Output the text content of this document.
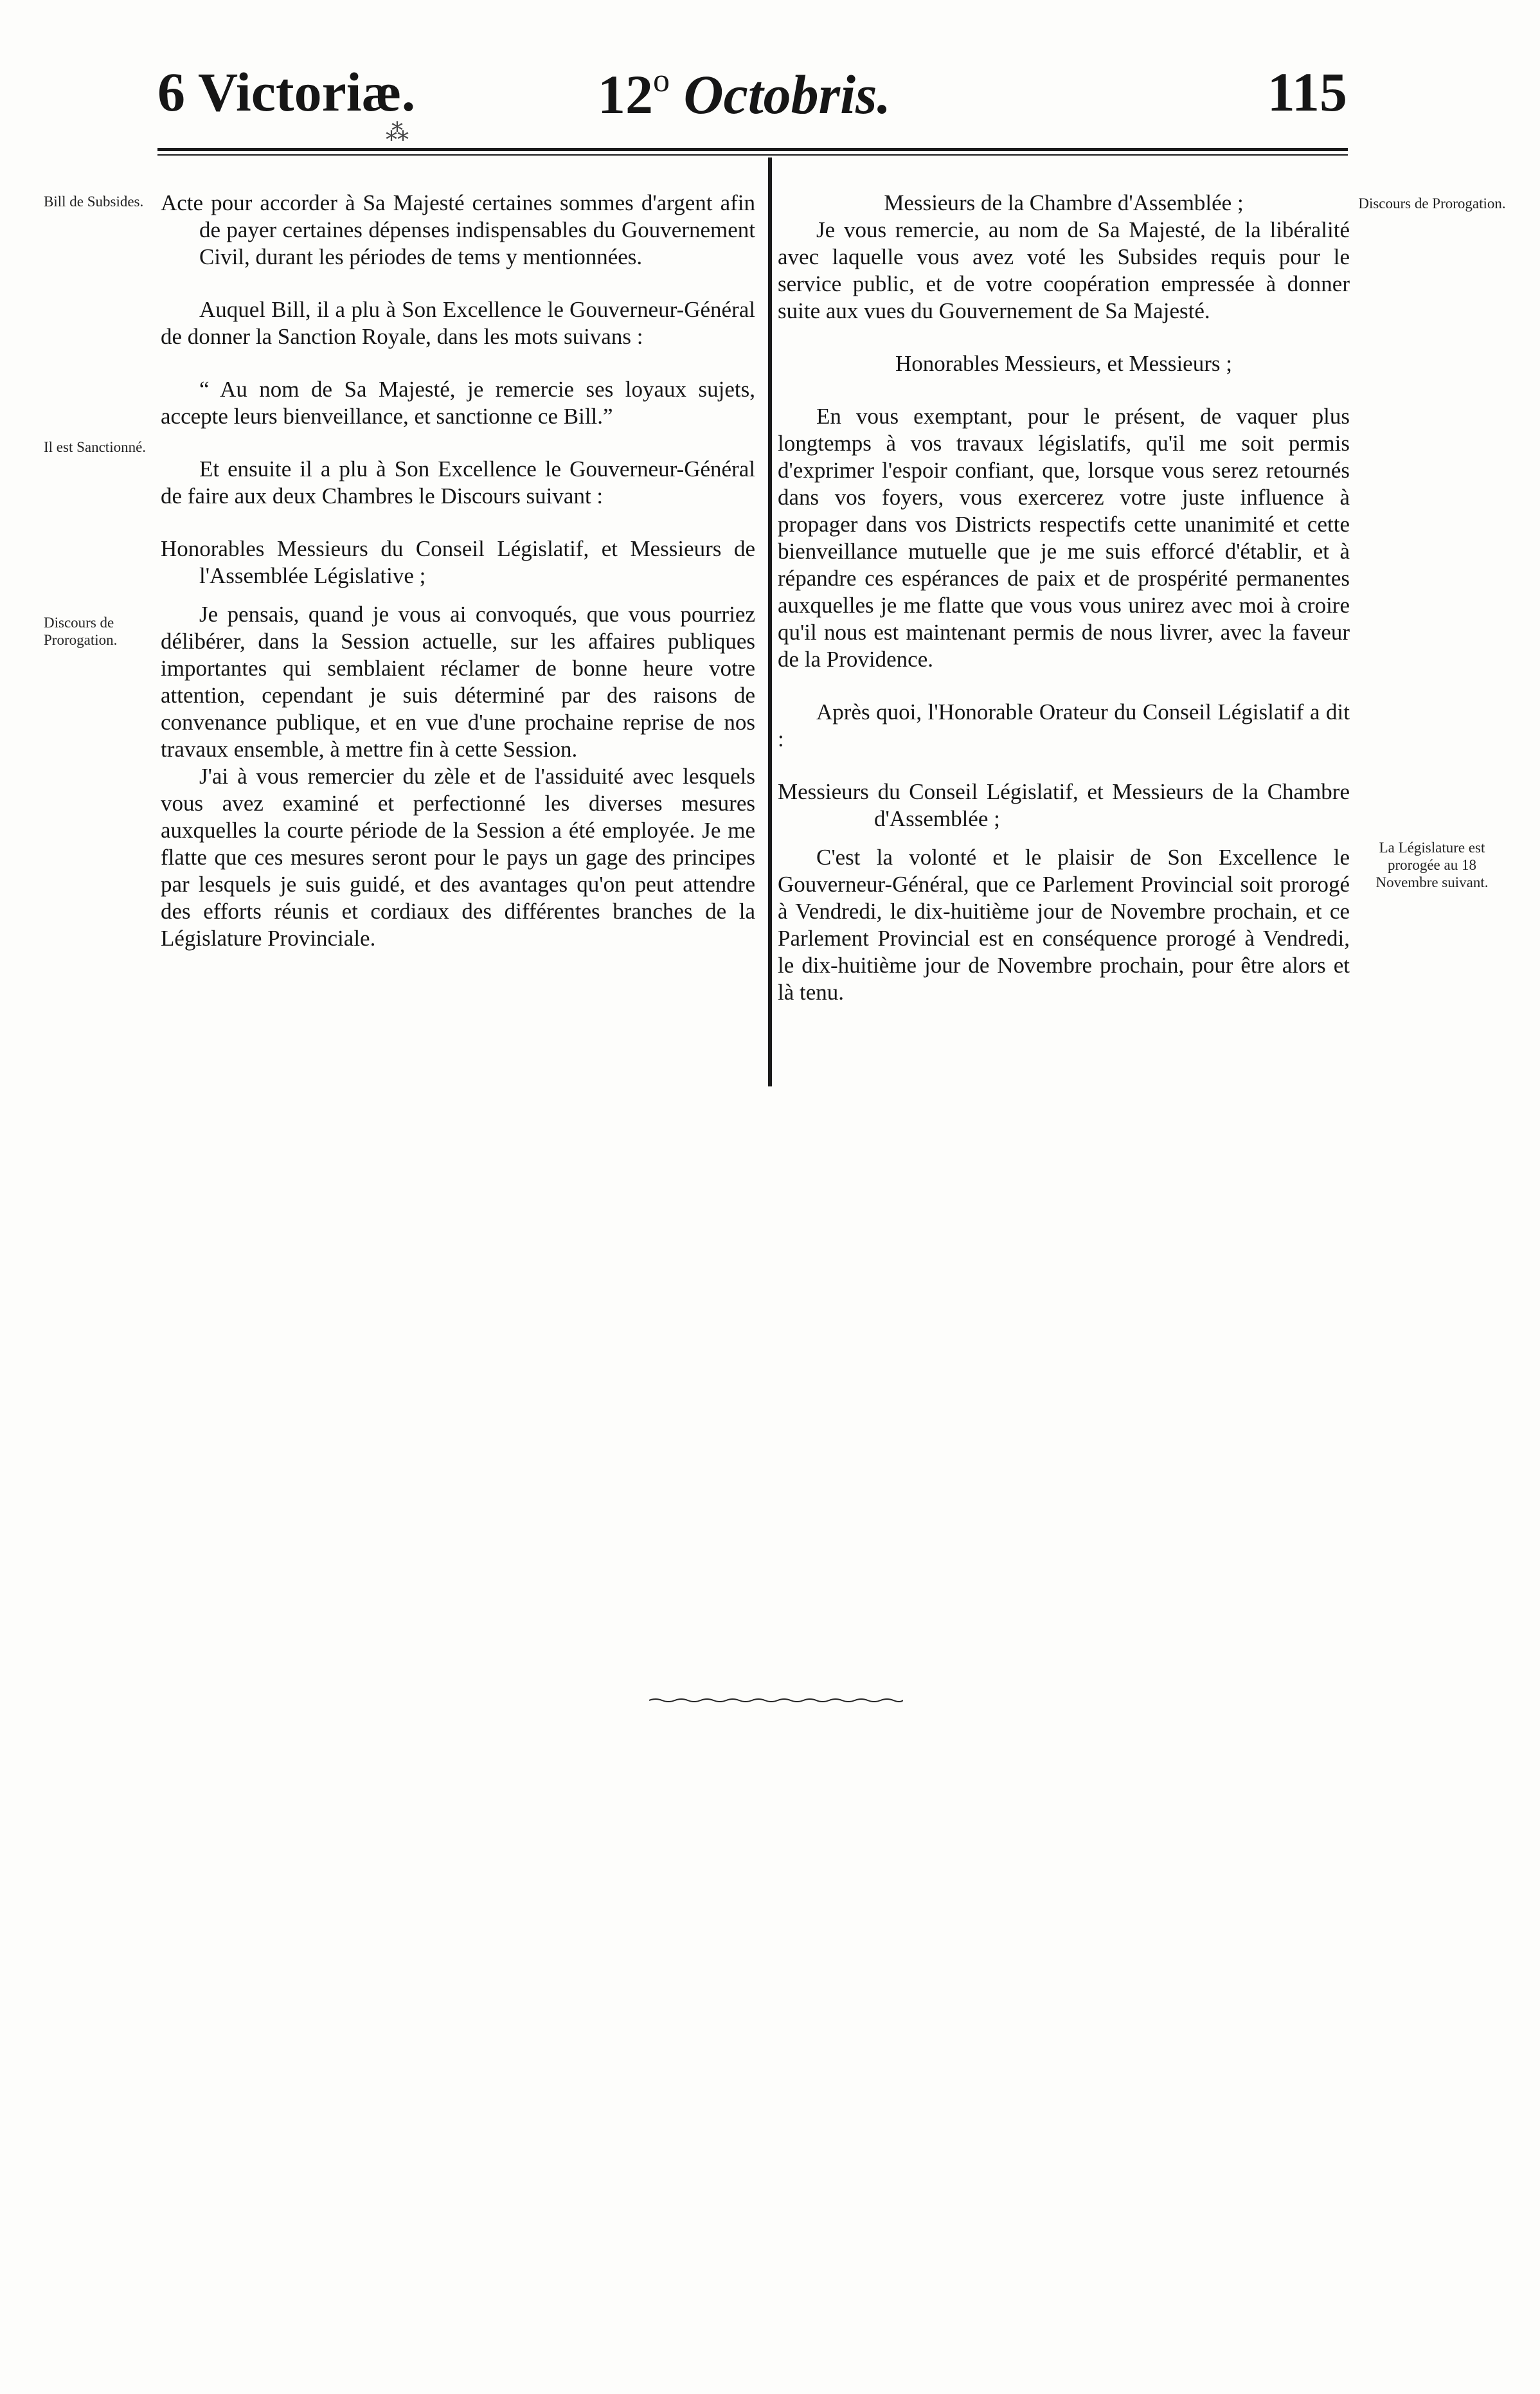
6 Victoriæ.	12$^o$ Octobris.	115
⁂
Bill de Subsides.
Il est Sanctionné.
Discours de Prorogation.
Discours de Prorogation.
La Législature est prorogée au 18 Novembre suivant.

Acte pour accorder à Sa Majesté certaines sommes d'argent afin de payer certaines dépenses indispensables du Gouvernement Civil, durant les périodes de tems y mentionnées.

Auquel Bill, il a plu à Son Excellence le Gouverneur-Général de donner la Sanction Royale, dans les mots suivans :

“ Au nom de Sa Majesté, je remercie ses loyaux sujets, accepte leurs bienveillance, et sanctionne ce Bill.”

Et ensuite il a plu à Son Excellence le Gouverneur-Général de faire aux deux Chambres le Discours suivant :

Honorables Messieurs du Conseil Législatif, et Messieurs de l'Assemblée Législative ;

Je pensais, quand je vous ai convoqués, que vous pourriez délibérer, dans la Session actuelle, sur les affaires publiques importantes qui semblaient réclamer de bonne heure votre attention, cependant je suis déterminé par des raisons de convenance publique, et en vue d'une prochaine reprise de nos travaux ensemble, à mettre fin à cette Session.

J'ai à vous remercier du zèle et de l'assiduité avec lesquels vous avez examiné et perfectionné les diverses mesures auxquelles la courte période de la Session a été employée. Je me flatte que ces mesures seront pour le pays un gage des principes par lesquels je suis guidé, et des avantages qu'on peut attendre des efforts réunis et cordiaux des différentes branches de la Législature Provinciale.

Messieurs de la Chambre d'Assemblée ;

Je vous remercie, au nom de Sa Majesté, de la libéralité avec laquelle vous avez voté les Subsides requis pour le service public, et de votre coopération empressée à donner suite aux vues du Gouvernement de Sa Majesté.

Honorables Messieurs, et Messieurs ;

En vous exemptant, pour le présent, de vaquer plus longtemps à vos travaux législatifs, qu'il me soit permis d'exprimer l'espoir confiant, que, lorsque vous serez retournés dans vos foyers, vous exercerez votre juste influence à propager dans vos Districts respectifs cette unanimité et cette bienveillance mutuelle que je me suis efforcé d'établir, et à répandre ces espérances de paix et de prospérité permanentes auxquelles je me flatte que vous vous unirez avec moi à croire qu'il nous est maintenant permis de nous livrer, avec la faveur de la Providence.

Après quoi, l'Honorable Orateur du Conseil Législatif a dit :

Messieurs du Conseil Législatif, et Messieurs de la Chambre d'Assemblée ;

C'est la volonté et le plaisir de Son Excellence le Gouverneur-Général, que ce Parlement Provincial soit prorogé à Vendredi, le dix-huitième jour de Novembre prochain, et ce Parlement Provincial est en conséquence prorogé à Vendredi, le dix-huitième jour de Novembre prochain, pour être alors et là tenu.
